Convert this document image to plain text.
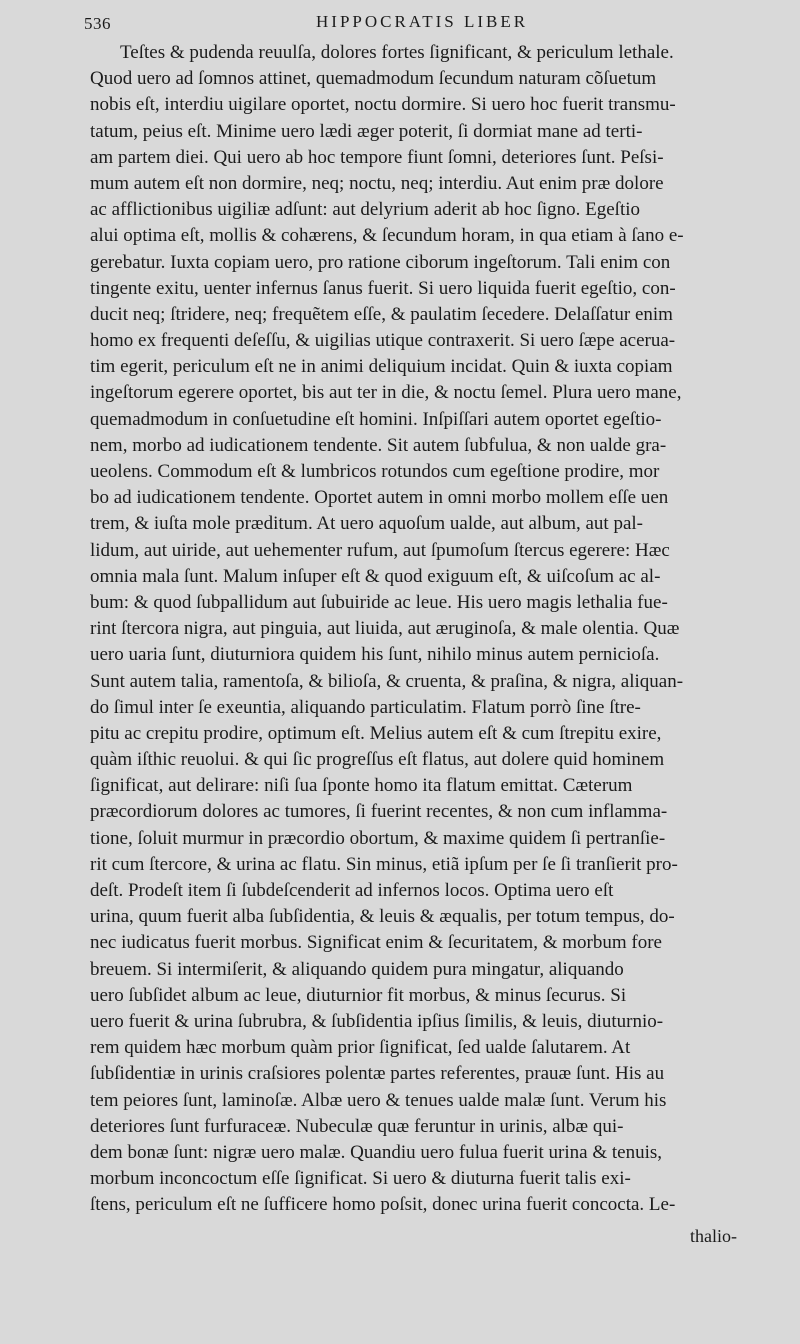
536	HIPPOCRATIS LIBER
Teſtes & pudenda reuulſa, dolores fortes ſignificant, & periculum lethale.
Quod uero ad ſomnos attinet, quemadmodum ſecundum naturam cõſuetum
nobis eſt, interdiu uigilare oportet, noctu dormire. Si uero hoc fuerit transmu-
tatum, peius eſt. Minime uero lædi æger poterit, ſi dormiat mane ad terti-
am partem diei. Qui uero ab hoc tempore fiunt ſomni, deteriores ſunt. Peſsi-
mum autem eſt non dormire, neq; noctu, neq; interdiu. Aut enim præ dolore
ac afflictionibus uigiliæ adſunt: aut delyrium aderit ab hoc ſigno. Egeſtio
alui optima eſt, mollis & cohærens, & ſecundum horam, in qua etiam à ſano e-
gerebatur. Iuxta copiam uero, pro ratione ciborum ingeſtorum. Tali enim con
tingente exitu, uenter infernus ſanus fuerit. Si uero liquida fuerit egeſtio, con-
ducit neq; ſtridere, neq; frequẽtem eſſe, & paulatim ſecedere. Delaſſatur enim
homo ex frequenti deſeſſu, & uigilias utique contraxerit. Si uero ſæpe aceruа-
tim egerit, periculum eſt ne in animi deliquium incidat. Quin & iuxta copiam
ingeſtorum egerere oportet, bis aut ter in die, & noctu ſemel. Plura uero mane,
quemadmodum in conſuetudine eſt homini. Inſpiſſari autem oportet egeſtio-
nem, morbo ad iudicationem tendente. Sit autem ſubfulua, & non ualde gra-
ueolens. Commodum eſt & lumbricos rotundos cum egeſtione prodire, mor
bo ad iudicationem tendente. Oportet autem in omni morbo mollem eſſe uen
trem, & iuſta mole præditum. At uero aquoſum ualde, aut album, aut pal-
lidum, aut uiride, aut uehementer rufum, aut ſpumoſum ſtercus egerere: Hæc
omnia mala ſunt. Malum inſuper eſt & quod exiguum eſt, & uiſcoſum ac al-
bum: & quod ſubpallidum aut ſubuiride ac leue. His uero magis lethalia fue-
rint ſtercora nigra, aut pinguia, aut liuida, aut æruginoſa, & male olentia. Quæ
uero uaria ſunt, diuturniora quidem his ſunt, nihilo minus autem pernicioſa.
Sunt autem talia, ramentoſa, & bilioſa, & cruenta, & praſina, & nigra, aliquan-
do ſimul inter ſe exeuntia, aliquando particulatim. Flatum porrò ſine ſtre-
pitu ac crepitu prodire, optimum eſt. Melius autem eſt & cum ſtrepitu exire,
quàm iſthic reuolui. & qui ſic progreſſus eſt flatus, aut dolere quid hominem
ſignificat, aut delirare: niſi ſua ſponte homo ita flatum emittat. Cæterum
præcordiorum dolores ac tumores, ſi fuerint recentes, & non cum inflamma-
tione, ſoluit murmur in præcordio obortum, & maxime quidem ſi pertranſie-
rit cum ſtercore, & urina ac flatu. Sin minus, etiã ipſum per ſe ſi tranſierit pro-
deſt. Prodeſt item ſi ſubdeſcenderit ad infernos locos. Optima uero eſt
urina, quum fuerit alba ſubſidentia, & leuis & æqualis, per totum tempus, do-
nec iudicatus fuerit morbus. Significat enim & ſecuritatem, & morbum fore
breuem. Si intermiſerit, & aliquando quidem pura mingatur, aliquando
uero ſubſidet album ac leue, diuturnior fit morbus, & minus ſecurus. Si
uero fuerit & urina ſubrubra, & ſubſidentia ipſius ſimilis, & leuis, diuturnio-
rem quidem hæc morbum quàm prior ſignificat, ſed ualde ſalutarem. At
ſubſidentiæ in urinis craſsiores polentæ partes referentes, prauæ ſunt. His au
tem peiores ſunt, laminoſæ. Albæ uero & tenues ualde malæ ſunt. Verum his
deteriores ſunt furfuraceæ. Nubeculæ quæ feruntur in urinis, albæ qui-
dem bonæ ſunt: nigræ uero malæ. Quandiu uero fulua fuerit urina & tenuis,
morbum inconcoctum eſſe ſignificat. Si uero & diuturna fuerit talis exi-
ſtens, periculum eſt ne ſufficere homo poſsit, donec urina fuerit concocta. Le-
thalio-
